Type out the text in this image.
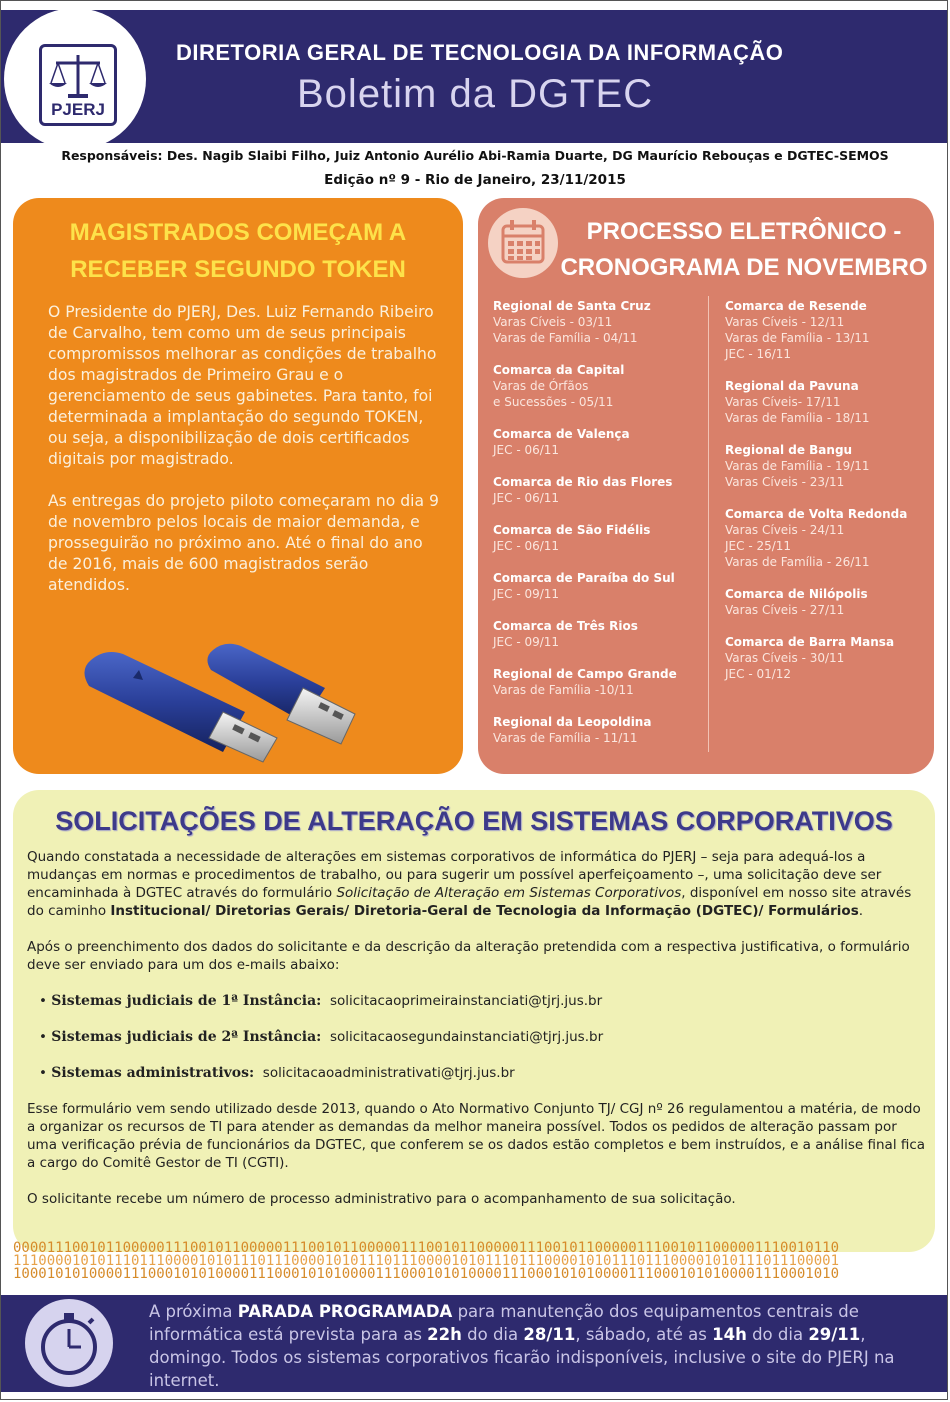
DIRETORIA GERAL DE TECNOLOGIA DA INFORMAÇÃO
Boletim da DGTEC
PJERJ
Responsáveis: Des. Nagib Slaibi Filho, Juiz Antonio Aurélio Abi-Ramia Duarte, DG Maurício Rebouças e DGTEC-SEMOS
Edição nº 9 - Rio de Janeiro, 23/11/2015
MAGISTRADOS COMEÇAM A
RECEBER SEGUNDO TOKEN

O Presidente do PJERJ, Des. Luiz Fernando Ribeiro de Carvalho, tem como um de seus principais compromissos melhorar as condições de trabalho dos magistrados de Primeiro Grau e o gerenciamento de seus gabinetes. Para tanto, foi determinada a implantação do segundo TOKEN, ou seja, a disponibilização de dois certificados digitais por magistrado.

As entregas do projeto piloto começaram no dia 9 de novembro pelos locais de maior demanda, e prosseguirão no próximo ano. Até o final do ano de 2016, mais de 600 magistrados serão atendidos.

PROCESSO ELETRÔNICO -
CRONOGRAMA DE NOVEMBRO
Regional de Santa Cruz
Varas Cíveis - 03/11
Varas de Família - 04/11
Comarca da Capital
Varas de Órfãos
e Sucessões - 05/11
Comarca de Valença
JEC - 06/11
Comarca de Rio das Flores
JEC - 06/11
Comarca de São Fidélis
JEC - 06/11
Comarca de Paraíba do Sul
JEC - 09/11
Comarca de Três Rios
JEC - 09/11
Regional de Campo Grande
Varas de Família -10/11
Regional da Leopoldina
Varas de Família - 11/11
Comarca de Resende
Varas Cíveis - 12/11
Varas de Família - 13/11
JEC - 16/11
Regional da Pavuna
Varas Cíveis- 17/11
Varas de Família - 18/11
Regional de Bangu
Varas de Família - 19/11
Varas Cíveis - 23/11
Comarca de Volta Redonda
Varas Cíveis - 24/11
JEC - 25/11
Varas de Família - 26/11
Comarca de Nilópolis
Varas Cíveis - 27/11
Comarca de Barra Mansa
Varas Cíveis - 30/11
JEC - 01/12
SOLICITAÇÕES DE ALTERAÇÃO EM SISTEMAS CORPORATIVOS

Quando constatada a necessidade de alterações em sistemas corporativos de informática do PJERJ – seja para adequá-los a mudanças em normas e procedimentos de trabalho, ou para sugerir um possível aperfeiçoamento –, uma solicitação deve ser encaminhada à DGTEC através do formulário Solicitação de Alteração em Sistemas Corporativos, disponível em nosso site através do caminho Institucional/ Diretorias Gerais/ Diretoria-Geral de Tecnologia da Informação (DGTEC)/ Formulários.

Após o preenchimento dos dados do solicitante e da descrição da alteração pretendida com a respectiva justificativa, o formulário deve ser enviado para um dos e-mails abaixo:

• Sistemas judiciais de 1ª Instância: solicitacaoprimeirainstanciati@tjrj.jus.br
• Sistemas judiciais de 2ª Instância: solicitacaosegundainstanciati@tjrj.jus.br
• Sistemas administrativos: solicitacaoadministrativati@tjrj.jus.br

Esse formulário vem sendo utilizado desde 2013, quando o Ato Normativo Conjunto TJ/ CGJ nº 26 regulamentou a matéria, de modo a organizar os recursos de TI para atender as demandas da melhor maneira possível. Todos os pedidos de alteração passam por uma verificação prévia de funcionários da DGTEC, que conferem se os dados estão completos e bem instruídos, e a análise final fica a cargo do Comitê Gestor de TI (CGTI).

O solicitante recebe um número de processo administrativo para o acompanhamento de sua solicitação.

00001110010110000011100101100000111001011000001110010110000011100101100000111001011000001110010110
11100001010111011100001010111011100001010111011100001010111011100001010111011100001010111011100001
10001010100001110001010100001110001010100001110001010100001110001010100001110001010100001110001010
A próxima PARADA PROGRAMADA para manutenção dos equipamentos centrais de informática está prevista para as 22h do dia 28/11, sábado, até as 14h do dia 29/11, domingo. Todos os sistemas corporativos ficarão indisponíveis, inclusive o site do PJERJ na internet.
